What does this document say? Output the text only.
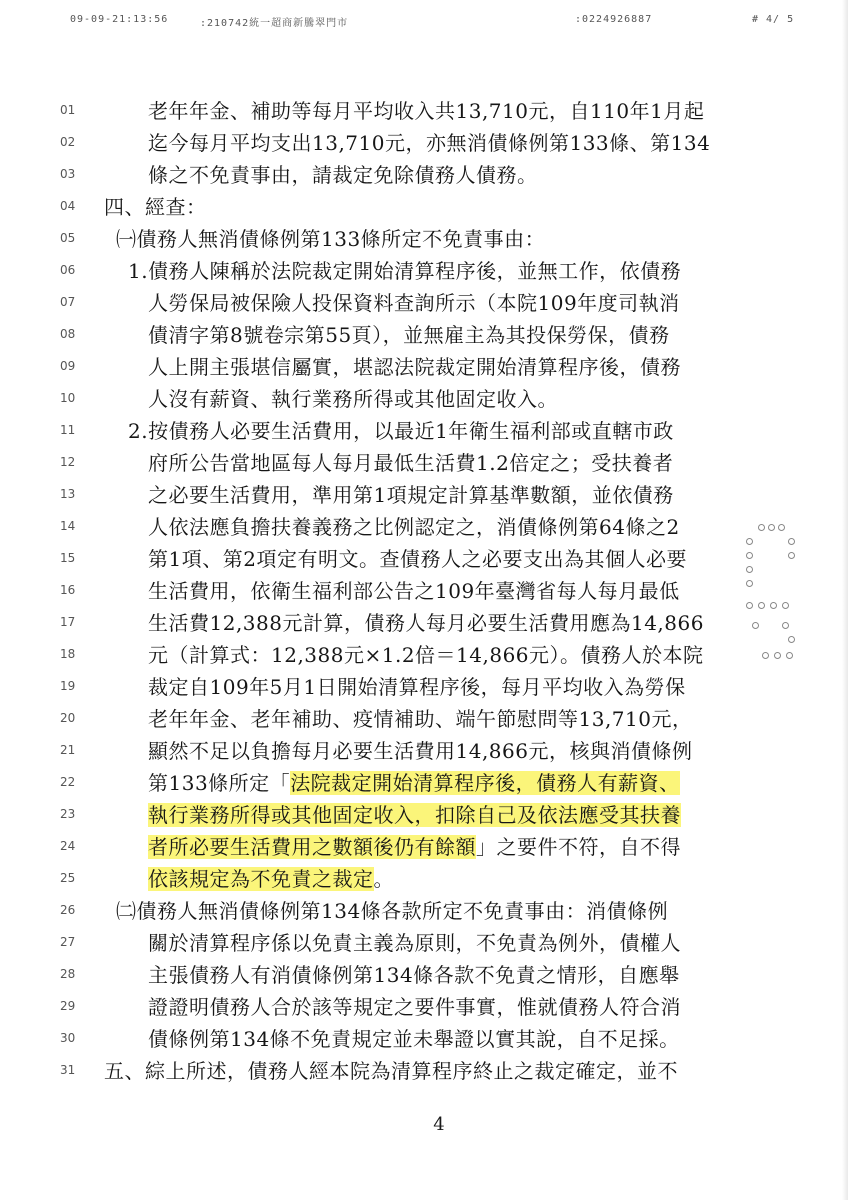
09-09-21:13:56	:210742統一超商新騰翠門市	:0224926887	# 4/ 5
01
02
03
04
05
06
07
08
09
10
11
12
13
14
15
16
17
18
19
20
21
22
23
24
25
26
27
28
29
30
31
老年年金、補助等每月平均收入共13,710元，自110年1月起
迄今每月平均支出13,710元，亦無消債條例第133條、第134
條之不免責事由，請裁定免除債務人債務。
四、經查：
㈠債務人無消債條例第133條所定不免責事由：
1.債務人陳稱於法院裁定開始清算程序後，並無工作，依債務
人勞保局被保險人投保資料查詢所示（本院109年度司執消
債清字第8號卷宗第55頁），並無雇主為其投保勞保，債務
人上開主張堪信屬實，堪認法院裁定開始清算程序後，債務
人沒有薪資、執行業務所得或其他固定收入。
2.按債務人必要生活費用，以最近1年衛生福利部或直轄市政
府所公告當地區每人每月最低生活費1.2倍定之；受扶養者
之必要生活費用，準用第1項規定計算基準數額，並依債務
人依法應負擔扶養義務之比例認定之，消債條例第64條之2
第1項、第2項定有明文。查債務人之必要支出為其個人必要
生活費用，依衛生福利部公告之109年臺灣省每人每月最低
生活費12,388元計算，債務人每月必要生活費用應為14,866
元（計算式：12,388元×1.2倍＝14,866元）。債務人於本院
裁定自109年5月1日開始清算程序後，每月平均收入為勞保
老年年金、老年補助、疫情補助、端午節慰問等13,710元，
顯然不足以負擔每月必要生活費用14,866元，核與消債條例
第133條所定「法院裁定開始清算程序後，債務人有薪資、
執行業務所得或其他固定收入，扣除自己及依法應受其扶養
者所必要生活費用之數額後仍有餘額」之要件不符，自不得
依該規定為不免責之裁定。
㈡債務人無消債條例第134條各款所定不免責事由：消債條例
關於清算程序係以免責主義為原則，不免責為例外，債權人
主張債務人有消債條例第134條各款不免責之情形，自應舉
證證明債務人合於該等規定之要件事實，惟就債務人符合消
債條例第134條不免責規定並未舉證以實其說，自不足採。
五、綜上所述，債務人經本院為清算程序終止之裁定確定，並不
4
